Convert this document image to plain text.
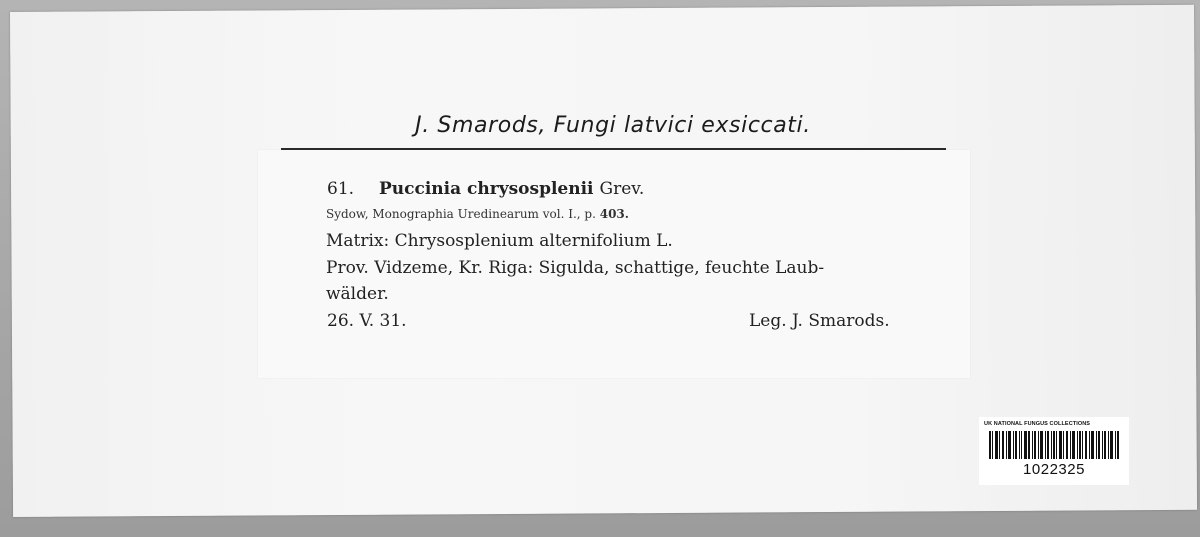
J. Smarods, Fungi latvici exsiccati.
61. Puccinia chrysosplenii Grev.
Sydow, Monographia Uredinearum vol. I., p. 403.
Matrix: Chrysosplenium alternifolium L.
Prov. Vidzeme, Kr. Riga: Sigulda, schattige, feuchte Laub-
wälder.
26. V. 31.	Leg. J. Smarods.
UK NATIONAL FUNGUS COLLECTIONS
1022325
